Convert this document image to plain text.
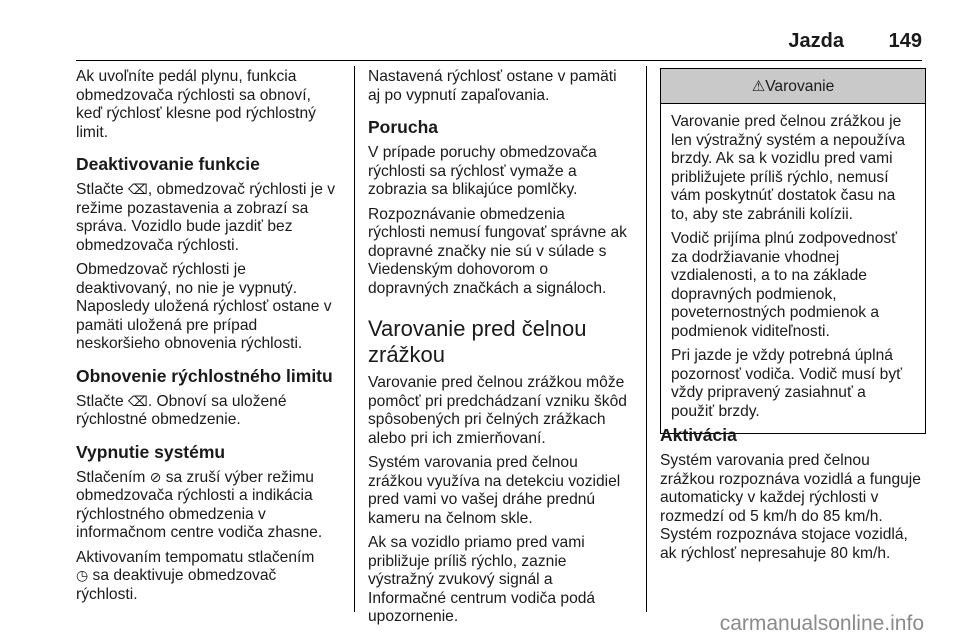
Jazda 149

Ak uvoľníte pedál plynu, funkcia
obmedzovača rýchlosti sa obnoví,
keď rýchlosť klesne pod rýchlostný
limit.

Deaktivovanie funkcie

Stlačte ⌫, obmedzovač rýchlosti je v
režime pozastavenia a zobrazí sa
správa. Vozidlo bude jazdiť bez
obmedzovača rýchlosti.

Obmedzovač rýchlosti je
deaktivovaný, no nie je vypnutý.
Naposledy uložená rýchlosť ostane v
pamäti uložená pre prípad
neskoršieho obnovenia rýchlosti.

Obnovenie rýchlostného limitu

Stlačte ⌫. Obnoví sa uložené
rýchlostné obmedzenie.

Vypnutie systému

Stlačením ⊘ sa zruší výber režimu
obmedzovača rýchlosti a indikácia
rýchlostného obmedzenia v
informačnom centre vodiča zhasne.

Aktivovaním tempomatu stlačením
◷ sa deaktivuje obmedzovač
rýchlosti.

Nastavená rýchlosť ostane v pamäti
aj po vypnutí zapaľovania.

Porucha

V prípade poruchy obmedzovača
rýchlosti sa rýchlosť vymaže a
zobrazia sa blikajúce pomlčky.

Rozpoznávanie obmedzenia
rýchlosti nemusí fungovať správne ak
dopravné značky nie sú v súlade s
Viedenským dohovorom o
dopravných značkách a signáloch.

Varovanie pred čelnou
zrážkou

Varovanie pred čelnou zrážkou môže
pomôcť pri predchádzaní vzniku škôd
spôsobených pri čelných zrážkach
alebo pri ich zmierňovaní.

Systém varovania pred čelnou
zrážkou využíva na detekciu vozidiel
pred vami vo vašej dráhe prednú
kameru na čelnom skle.

Ak sa vozidlo priamo pred vami
približuje príliš rýchlo, zaznie
výstražný zvukový signál a
Informačné centrum vodiča podá
upozornenie.

⚠Varovanie

Varovanie pred čelnou zrážkou je
len výstražný systém a nepoužíva
brzdy. Ak sa k vozidlu pred vami
približujete príliš rýchlo, nemusí
vám poskytnúť dostatok času na
to, aby ste zabránili kolízii.

Vodič prijíma plnú zodpovednosť
za dodržiavanie vhodnej
vzdialenosti, a to na základe
dopravných podmienok,
poveternostných podmienok a
podmienok viditeľnosti.

Pri jazde je vždy potrebná úplná
pozornosť vodiča. Vodič musí byť
vždy pripravený zasiahnuť a
použiť brzdy.

Aktivácia

Systém varovania pred čelnou
zrážkou rozpoznáva vozidlá a funguje
automaticky v každej rýchlosti v
rozmedzí od 5 km/h do 85 km/h.
Systém rozpoznáva stojace vozidlá,
ak rýchlosť nepresahuje 80 km/h.

carmanualsonline.info
